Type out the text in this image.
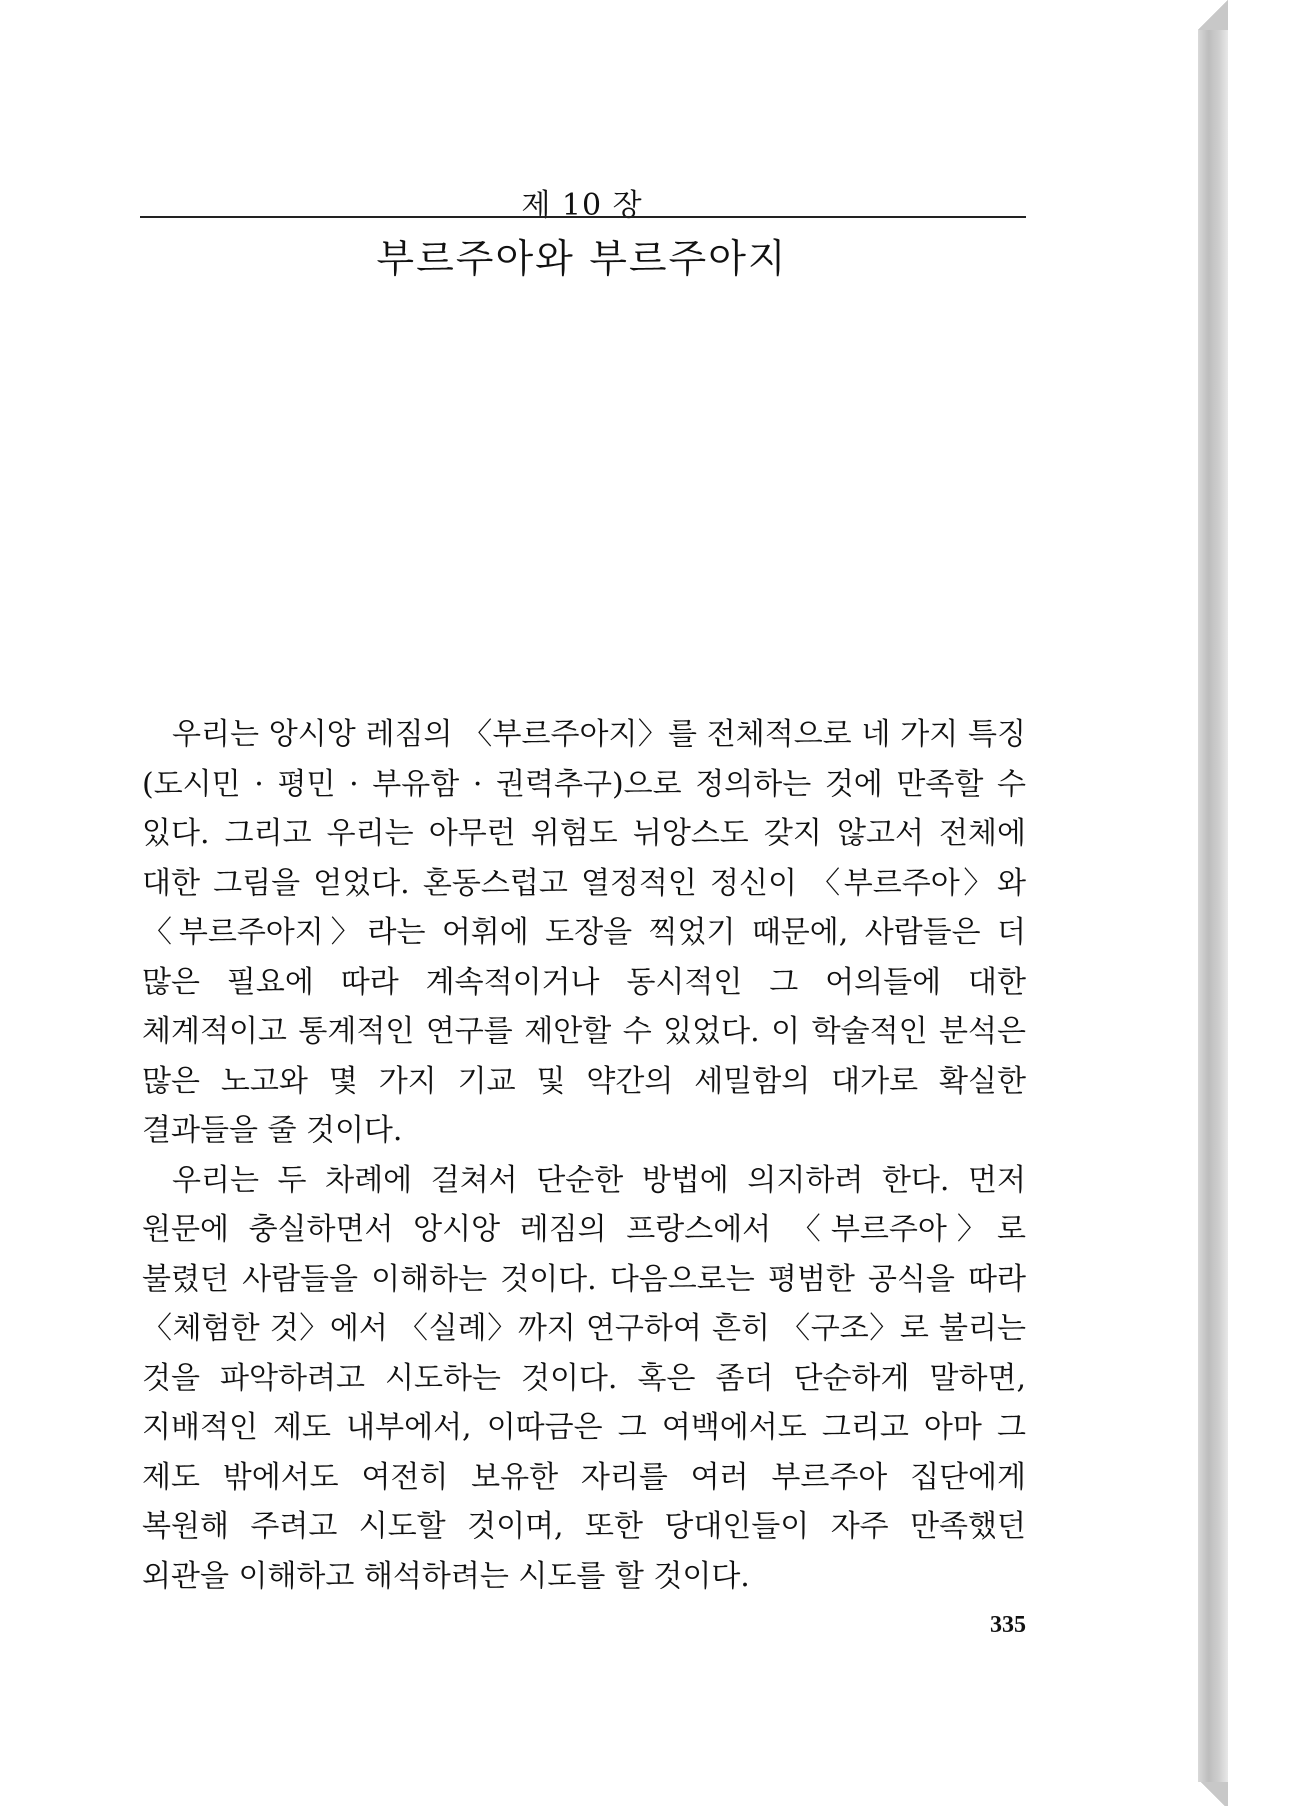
제 10 장
부르주아와 부르주아지

우리는 앙시앙 레짐의 〈부르주아지〉를 전체적으로 네 가지 특징(도시민 · 평민 · 부유함 · 권력추구)으로 정의하는 것에 만족할 수 있다. 그리고 우리는 아무런 위험도 뉘앙스도 갖지 않고서 전체에 대한 그림을 얻었다. 혼동스럽고 열정적인 정신이 〈부르주아〉와 〈부르주아지〉라는 어휘에 도장을 찍었기 때문에, 사람들은 더 많은 필요에 따라 계속적이거나 동시적인 그 어의들에 대한 체계적이고 통계적인 연구를 제안할 수 있었다. 이 학술적인 분석은 많은 노고와 몇 가지 기교 및 약간의 세밀함의 대가로 확실한 결과들을 줄 것이다.

우리는 두 차례에 걸쳐서 단순한 방법에 의지하려 한다. 먼저 원문에 충실하면서 앙시앙 레짐의 프랑스에서 〈부르주아〉로 불렸던 사람들을 이해하는 것이다. 다음으로는 평범한 공식을 따라 〈체험한 것〉에서 〈실례〉까지 연구하여 흔히 〈구조〉로 불리는 것을 파악하려고 시도하는 것이다. 혹은 좀더 단순하게 말하면, 지배적인 제도 내부에서, 이따금은 그 여백에서도 그리고 아마 그 제도 밖에서도 여전히 보유한 자리를 여러 부르주아 집단에게 복원해 주려고 시도할 것이며, 또한 당대인들이 자주 만족했던 외관을 이해하고 해석하려는 시도를 할 것이다.

335
